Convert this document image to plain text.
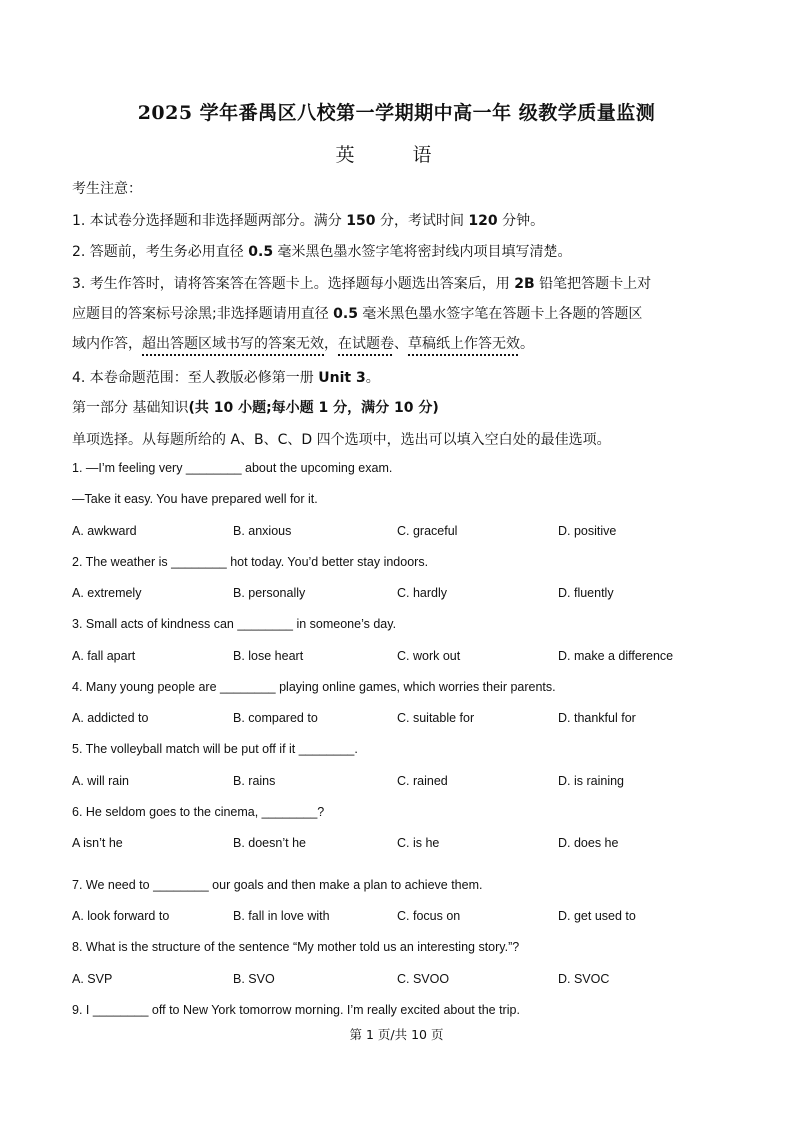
2025 学年番禺区八校第一学期期中高一年 级教学质量监测
英 语
考生注意：
1. 本试卷分选择题和非选择题两部分。满分 150 分，考试时间 120 分钟。
2. 答题前，考生务必用直径 0.5 毫米黑色墨水签字笔将密封线内项目填写清楚。
3. 考生作答时，请将答案答在答题卡上。选择题每小题选出答案后，用 2B 铅笔把答题卡上对
应题目的答案标号涂黑;非选择题请用直径 0.5 毫米黑色墨水签字笔在答题卡上各题的答题区
域内作答，超出答题区域书写的答案无效，在试题卷、草稿纸上作答无效。
4. 本卷命题范围：至人教版必修第一册 Unit 3。
第一部分 基础知识(共 10 小题;每小题 1 分，满分 10 分)
单项选择。从每题所给的 A、B、C、D 四个选项中，选出可以填入空白处的最佳选项。
1. —I’m feeling very ________ about the upcoming exam.
—Take it easy. You have prepared well for it.
A. awkward	B. anxious	C. graceful	D. positive
2. The weather is ________ hot today. You’d better stay indoors.
A. extremely	B. personally	C. hardly	D. fluently
3. Small acts of kindness can ________ in someone’s day.
A. fall apart	B. lose heart	C. work out	D. make a difference
4. Many young people are ________ playing online games, which worries their parents.
A. addicted to	B. compared to	C. suitable for	D. thankful for
5. The volleyball match will be put off if it ________.
A. will rain	B. rains	C. rained	D. is raining
6. He seldom goes to the cinema, ________?
A isn’t he	B. doesn’t he	C. is he	D. does he
7. We need to ________ our goals and then make a plan to achieve them.
A. look forward to	B. fall in love with	C. focus on	D. get used to
8. What is the structure of the sentence “My mother told us an interesting story.”?
A. SVP	B. SVO	C. SVOO	D. SVOC
9. I ________ off to New York tomorrow morning. I’m really excited about the trip.
第 1 页/共 10 页
